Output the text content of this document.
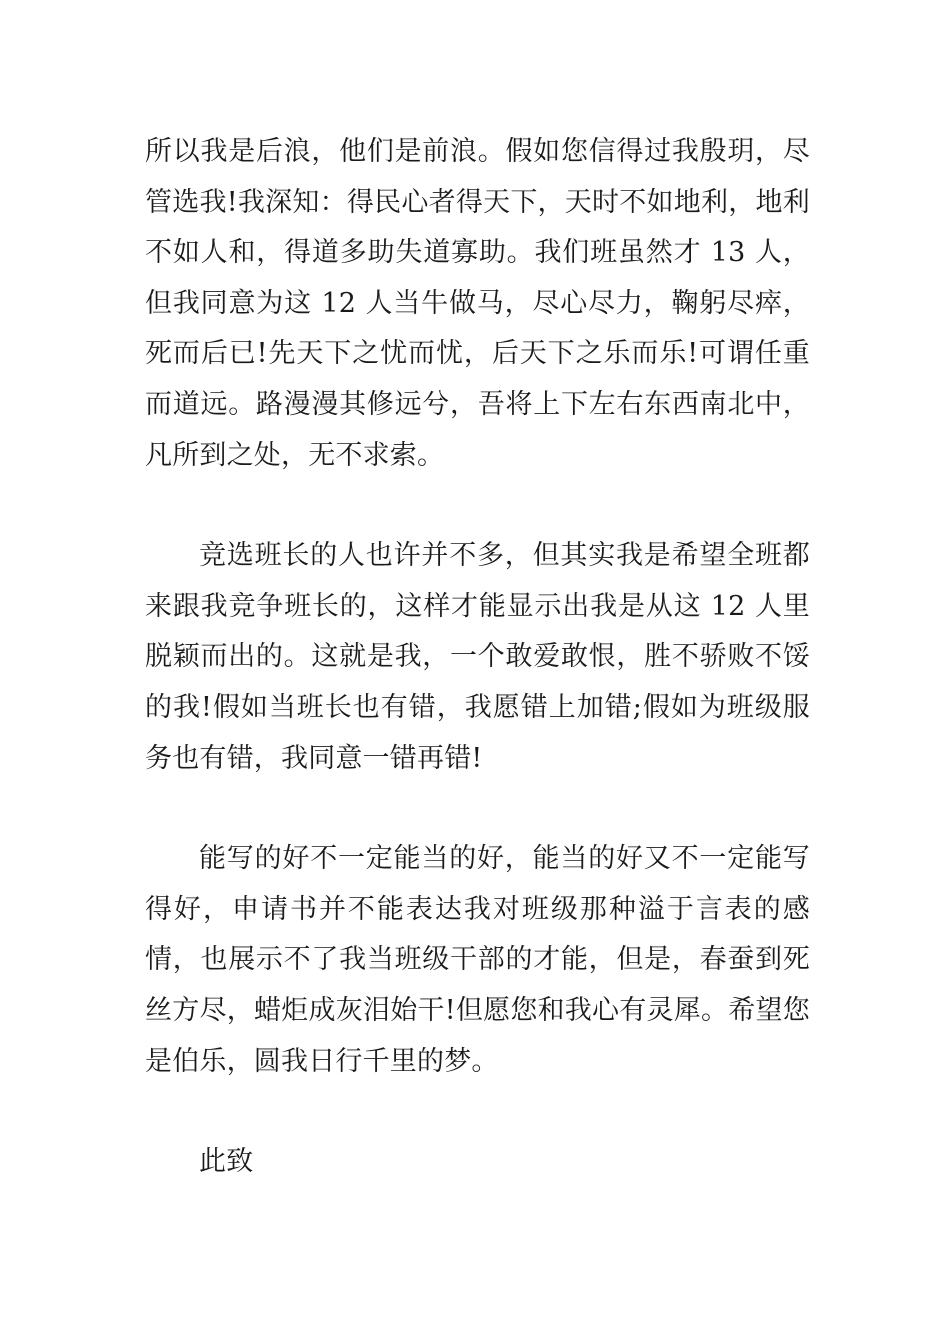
所以我是后浪，他们是前浪。假如您信得过我殷玥，尽管选我!我深知：得民心者得天下，天时不如地利，地利不如人和，得道多助失道寡助。我们班虽然才 13 人，但我同意为这 12 人当牛做马，尽心尽力，鞠躬尽瘁，死而后已!先天下之忧而忧，后天下之乐而乐!可谓任重而道远。路漫漫其修远兮，吾将上下左右东西南北中，凡所到之处，无不求索。

竞选班长的人也许并不多，但其实我是希望全班都来跟我竞争班长的，这样才能显示出我是从这 12 人里脱颖而出的。这就是我，一个敢爱敢恨，胜不骄败不馁的我!假如当班长也有错，我愿错上加错;假如为班级服务也有错，我同意一错再错!

能写的好不一定能当的好，能当的好又不一定能写得好，申请书并不能表达我对班级那种溢于言表的感情，也展示不了我当班级干部的才能，但是，春蚕到死丝方尽，蜡炬成灰泪始干!但愿您和我心有灵犀。希望您是伯乐，圆我日行千里的梦。

此致
